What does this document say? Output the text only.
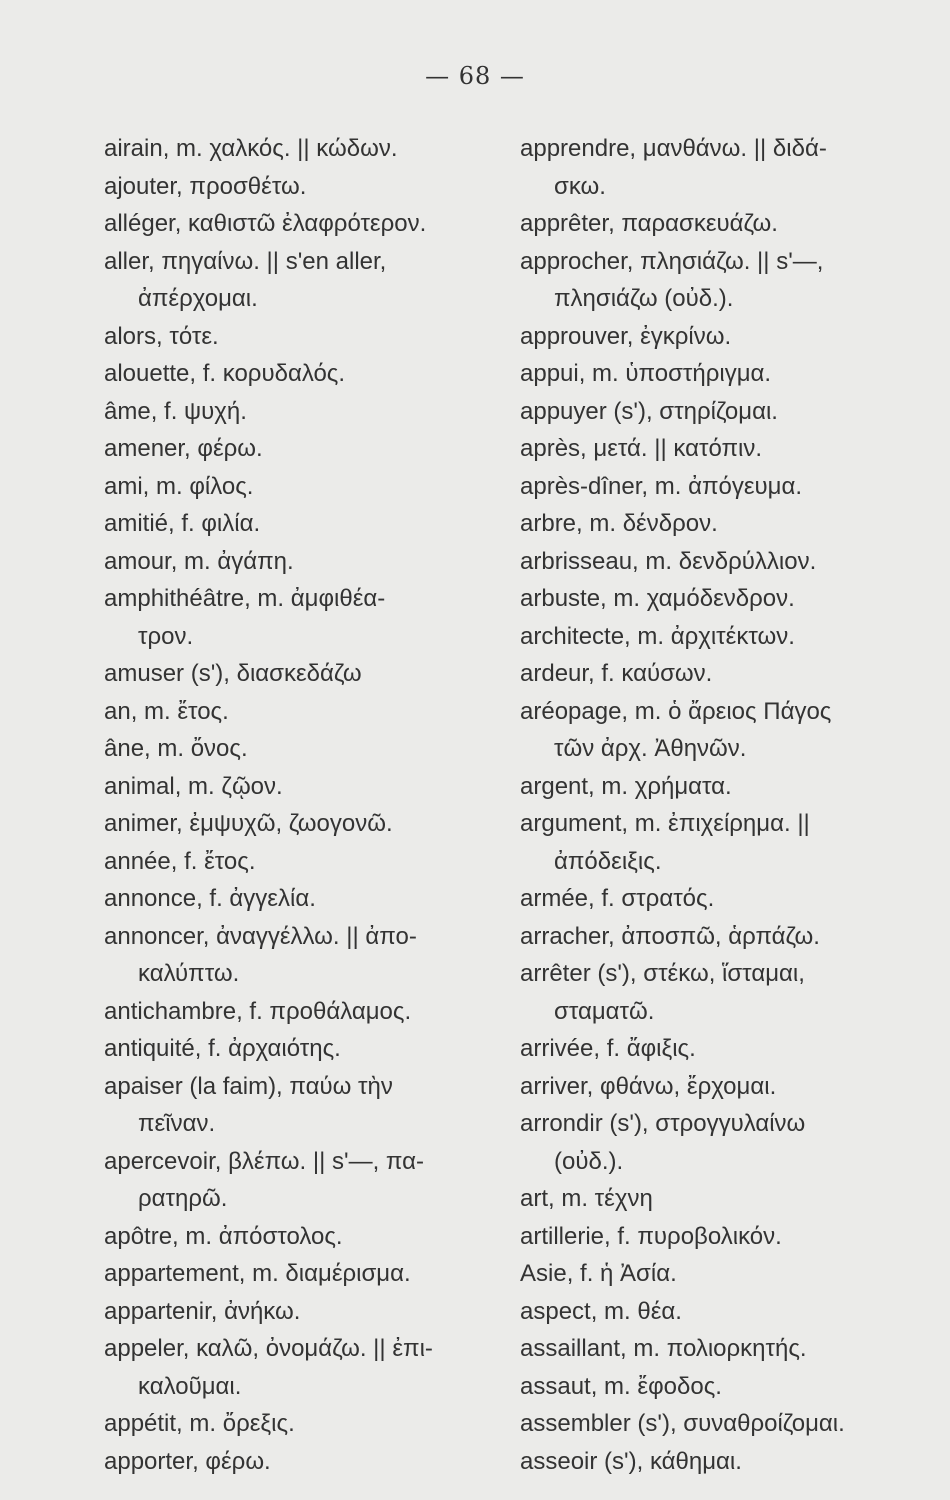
— 68 —
airain, m. χαλκός. || κώδων.
ajouter, προσθέτω.
alléger, καθιστῶ ἐλαφρότερον.
aller, πηγαίνω. || s'en aller,
ἀπέρχομαι.
alors, τότε.
alouette, f. κορυδαλός.
âme, f. ψυχή.
amener, φέρω.
ami, m. φίλος.
amitié, f. φιλία.
amour, m. ἀγάπη.
amphithéâtre, m. ἀμφιθέα-
τρον.
amuser (s'), διασκεδάζω
an, m. ἔτος.
âne, m. ὄνος.
animal, m. ζῷον.
animer, ἐμψυχῶ, ζωογονῶ.
année, f. ἔτος.
annonce, f. ἀγγελία.
annoncer, ἀναγγέλλω. || ἀπο-
καλύπτω.
antichambre, f. προθάλαμος.
antiquité, f. ἀρχαιότης.
apaiser (la faim), παύω τὴν
πεῖναν.
apercevoir, βλέπω. || s'—, πα-
ρατηρῶ.
apôtre, m. ἀπόστολος.
appartement, m. διαμέρισμα.
appartenir, ἀνήκω.
appeler, καλῶ, ὀνομάζω. || ἐπι-
καλοῦμαι.
appétit, m. ὄρεξις.
apporter, φέρω.
apprendre, μανθάνω. || διδά-
σκω.
apprêter, παρασκευάζω.
approcher, πλησιάζω. || s'—,
πλησιάζω (οὐδ.).
approuver, ἐγκρίνω.
appui, m. ὑποστήριγμα.
appuyer (s'), στηρίζομαι.
après, μετά. || κατόπιν.
après-dîner, m. ἀπόγευμα.
arbre, m. δένδρον.
arbrisseau, m. δενδρύλλιον.
arbuste, m. χαμόδενδρον.
architecte, m. ἀρχιτέκτων.
ardeur, f. καύσων.
aréopage, m. ὁ ἄρειος Πάγος
τῶν ἀρχ. Ἀθηνῶν.
argent, m. χρήματα.
argument, m. ἐπιχείρημα. ||
ἀπόδειξις.
armée, f. στρατός.
arracher, ἀποσπῶ, ἁρπάζω.
arrêter (s'), στέκω, ἵσταμαι,
σταματῶ.
arrivée, f. ἄφιξις.
arriver, φθάνω, ἔρχομαι.
arrondir (s'), στρογγυλαίνω
(οὐδ.).
art, m. τέχνη
artillerie, f. πυροβολικόν.
Asie, f. ἡ Ἀσία.
aspect, m. θέα.
assaillant, m. πολιορκητής.
assaut, m. ἔφοδος.
assembler (s'), συναθροίζομαι.
asseoir (s'), κάθημαι.
